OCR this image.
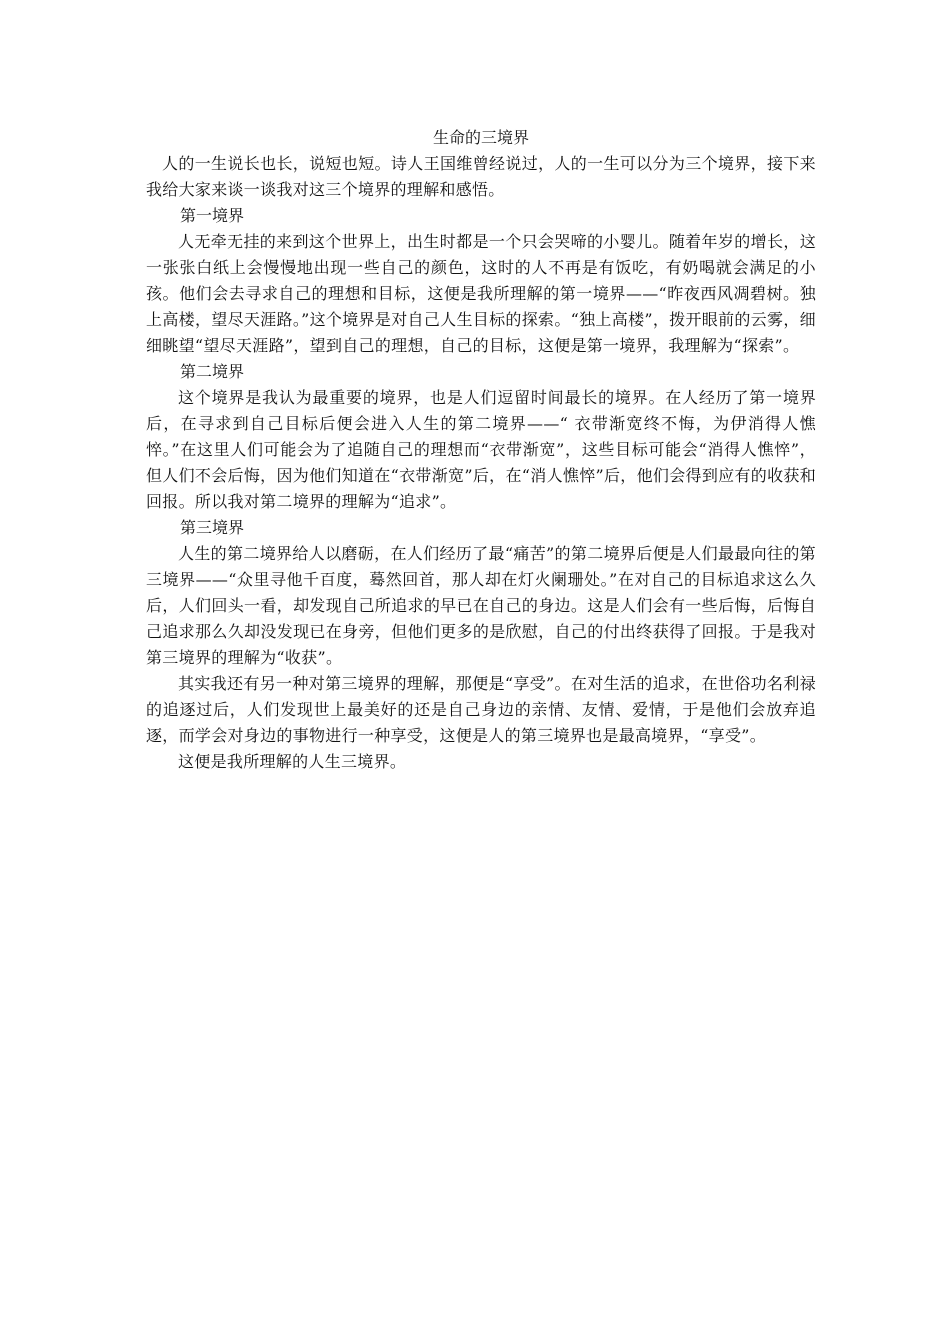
生命的三境界

人的一生说长也长，说短也短。诗人王国维曾经说过，人的一生可以分为三个境界，接下来我给大家来谈一谈我对这三个境界的理解和感悟。

第一境界

人无牵无挂的来到这个世界上，出生时都是一个只会哭啼的小婴儿。随着年岁的增长，这一张张白纸上会慢慢地出现一些自己的颜色，这时的人不再是有饭吃，有奶喝就会满足的小孩。他们会去寻求自己的理想和目标，这便是我所理解的第一境界——“昨夜西风凋碧树。独上高楼，望尽天涯路。”这个境界是对自己人生目标的探索。“独上高楼”，拨开眼前的云雾，细细眺望“望尽天涯路”，望到自己的理想，自己的目标，这便是第一境界，我理解为“探索”。

第二境界

这个境界是我认为最重要的境界，也是人们逗留时间最长的境界。在人经历了第一境界后，在寻求到自己目标后便会进入人生的第二境界——“ 衣带渐宽终不悔，为伊消得人憔悴。”在这里人们可能会为了追随自己的理想而“衣带渐宽”，这些目标可能会“消得人憔悴”，但人们不会后悔，因为他们知道在“衣带渐宽”后，在“消人憔悴”后，他们会得到应有的收获和回报。所以我对第二境界的理解为“追求”。

第三境界

人生的第二境界给人以磨砺，在人们经历了最“痛苦”的第二境界后便是人们最最向往的第三境界——“众里寻他千百度，蓦然回首，那人却在灯火阑珊处。”在对自己的目标追求这么久后，人们回头一看，却发现自己所追求的早已在自己的身边。这是人们会有一些后悔，后悔自己追求那么久却没发现已在身旁，但他们更多的是欣慰，自己的付出终获得了回报。于是我对第三境界的理解为“收获”。

其实我还有另一种对第三境界的理解，那便是“享受”。在对生活的追求，在世俗功名利禄的追逐过后，人们发现世上最美好的还是自己身边的亲情、友情、爱情，于是他们会放弃追逐，而学会对身边的事物进行一种享受，这便是人的第三境界也是最高境界，“享受”。

这便是我所理解的人生三境界。
